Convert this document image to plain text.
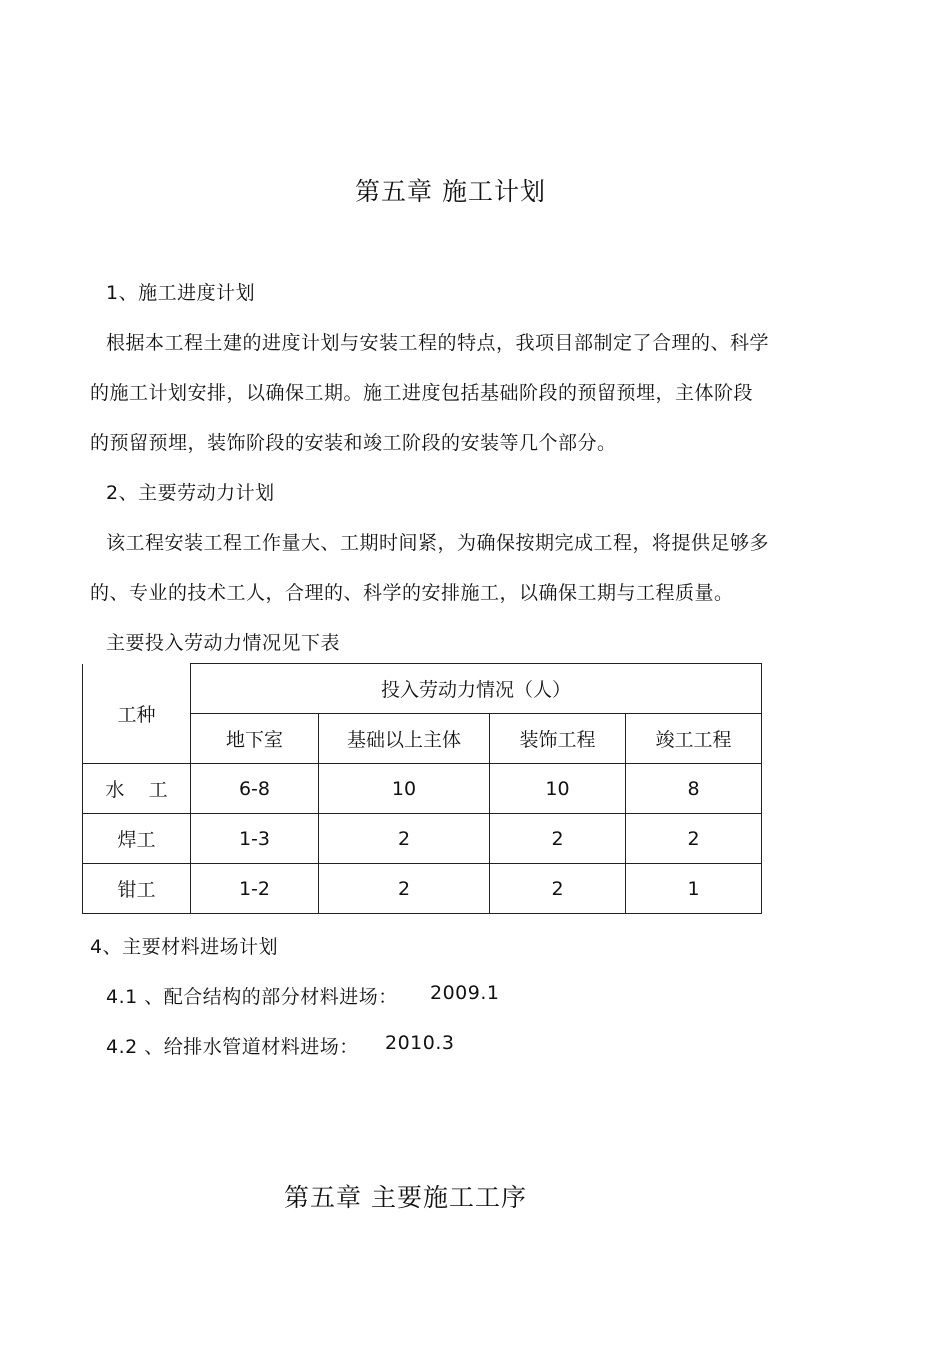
第五章 施工计划
1、施工进度计划
根据本工程土建的进度计划与安装工程的特点，我项目部制定了合理的、科学
的施工计划安排，以确保工期。施工进度包括基础阶段的预留预埋，主体阶段
的预留预埋，装饰阶段的安装和竣工阶段的安装等几个部分。
2、主要劳动力计划
该工程安装工程工作量大、工期时间紧，为确保按期完成工程，将提供足够多
的、专业的技术工人，合理的、科学的安排施工，以确保工期与工程质量。
主要投入劳动力情况见下表
工种	投入劳动力情况（人）			
	地下室	基础以上主体	装饰工程	竣工工程
水    工	6-8	10	10	8
焊工	1-3	2	2	2
钳工	1-2	2	2	1
4、主要材料进场计划
4.1 、配合结构的部分材料进场： 2009.1
4.2 、给排水管道材料进场： 2010.3
第五章 主要施工工序
